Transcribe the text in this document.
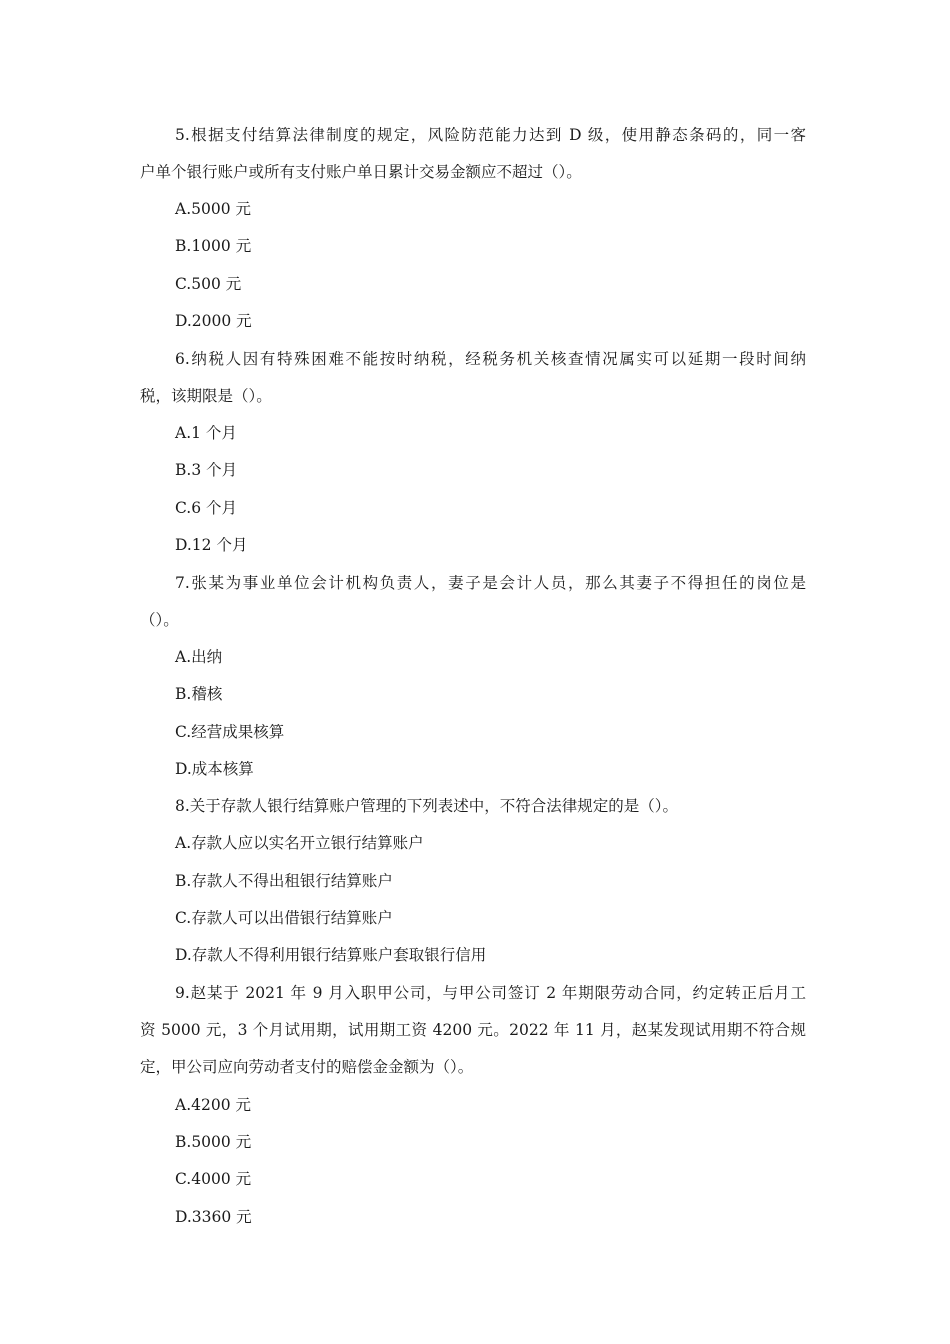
5.根据支付结算法律制度的规定，风险防范能力达到 D 级，使用静态条码的，同一客
户单个银行账户或所有支付账户单日累计交易金额应不超过（）。
A.5000 元
B.1000 元
C.500 元
D.2000 元
6.纳税人因有特殊困难不能按时纳税，经税务机关核查情况属实可以延期一段时间纳
税，该期限是（）。
A.1 个月
B.3 个月
C.6 个月
D.12 个月
7.张某为事业单位会计机构负责人，妻子是会计人员，那么其妻子不得担任的岗位是
（）。
A.出纳
B.稽核
C.经营成果核算
D.成本核算
8.关于存款人银行结算账户管理的下列表述中，不符合法律规定的是（）。
A.存款人应以实名开立银行结算账户
B.存款人不得出租银行结算账户
C.存款人可以出借银行结算账户
D.存款人不得利用银行结算账户套取银行信用
9.赵某于 2021 年 9 月入职甲公司，与甲公司签订 2 年期限劳动合同，约定转正后月工
资 5000 元，3 个月试用期，试用期工资 4200 元。2022 年 11 月，赵某发现试用期不符合规
定，甲公司应向劳动者支付的赔偿金金额为（）。
A.4200 元
B.5000 元
C.4000 元
D.3360 元
